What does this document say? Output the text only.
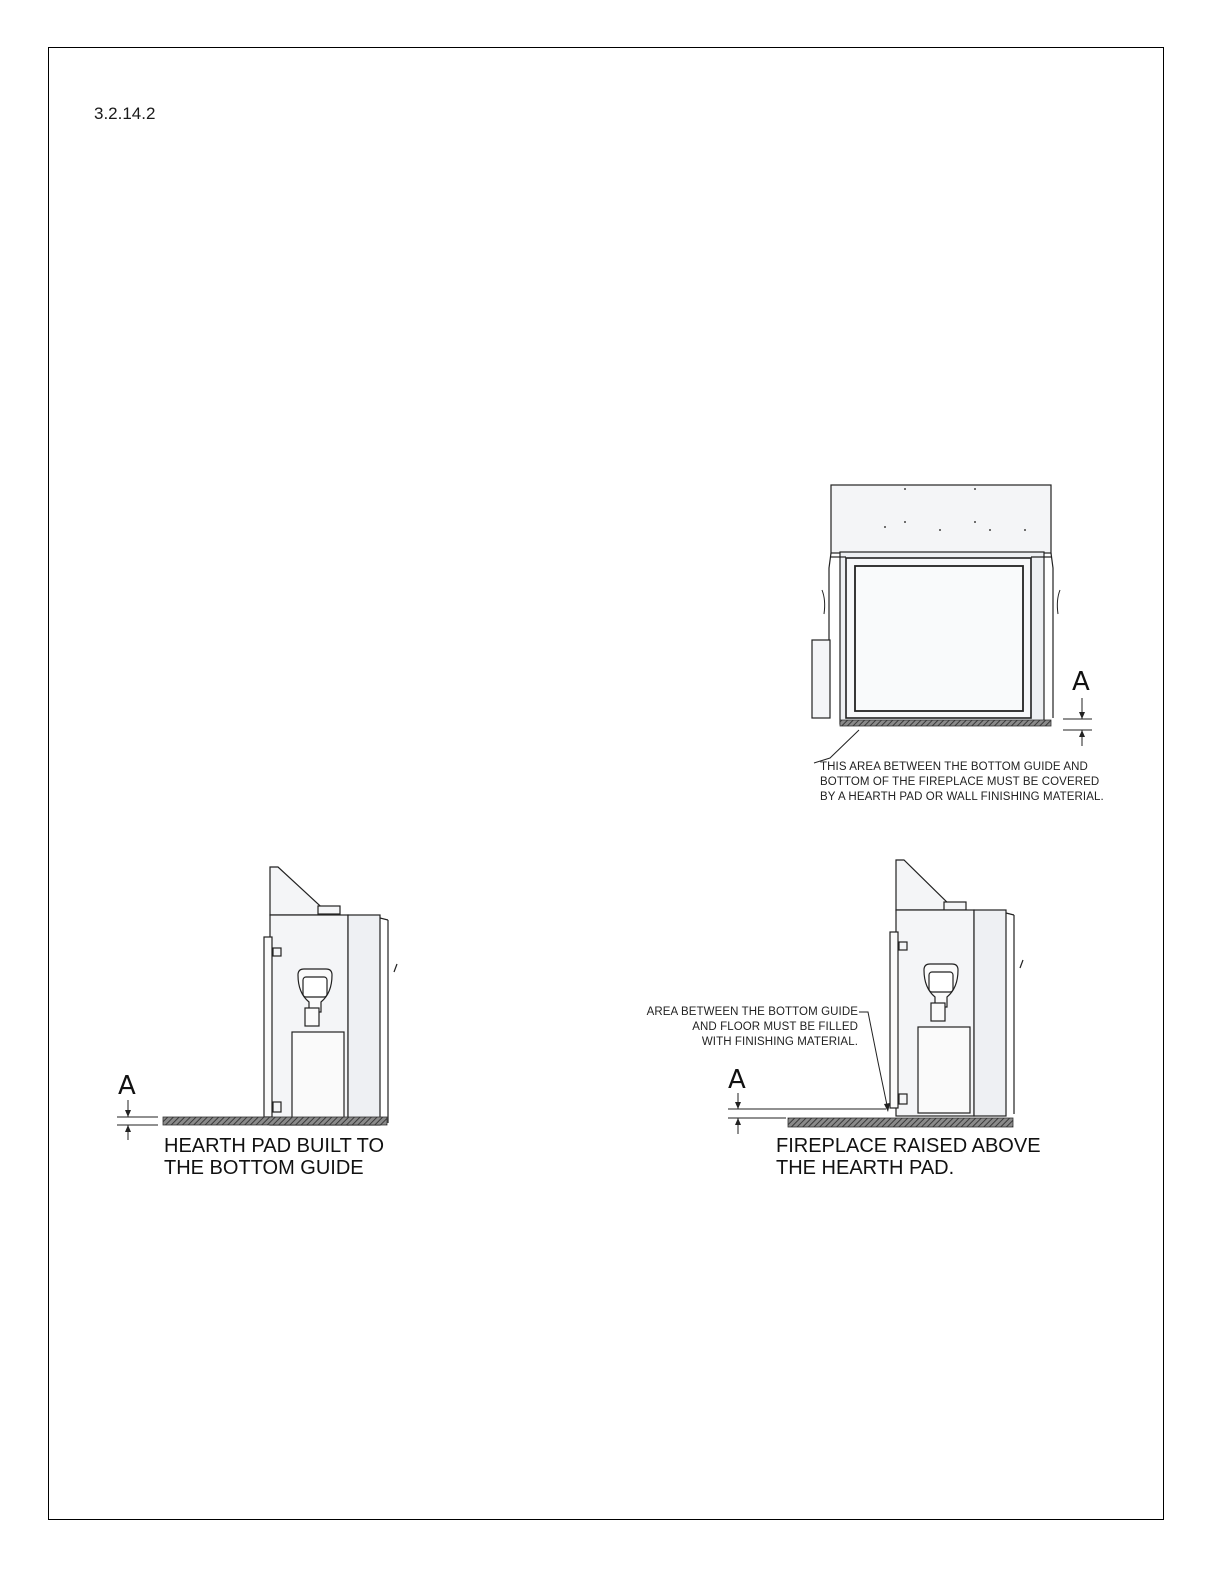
3.2.14.2
A
A	A
THIS AREA BETWEEN THE BOTTOM GUIDE AND
BOTTOM OF THE FIREPLACE MUST BE COVERED
BY A HEARTH PAD OR WALL FINISHING MATERIAL.
AREA BETWEEN THE BOTTOM GUIDE
AND FLOOR MUST BE FILLED
WITH FINISHING MATERIAL.
HEARTH PAD BUILT TO
THE BOTTOM GUIDE
FIREPLACE RAISED ABOVE
THE HEARTH PAD.
